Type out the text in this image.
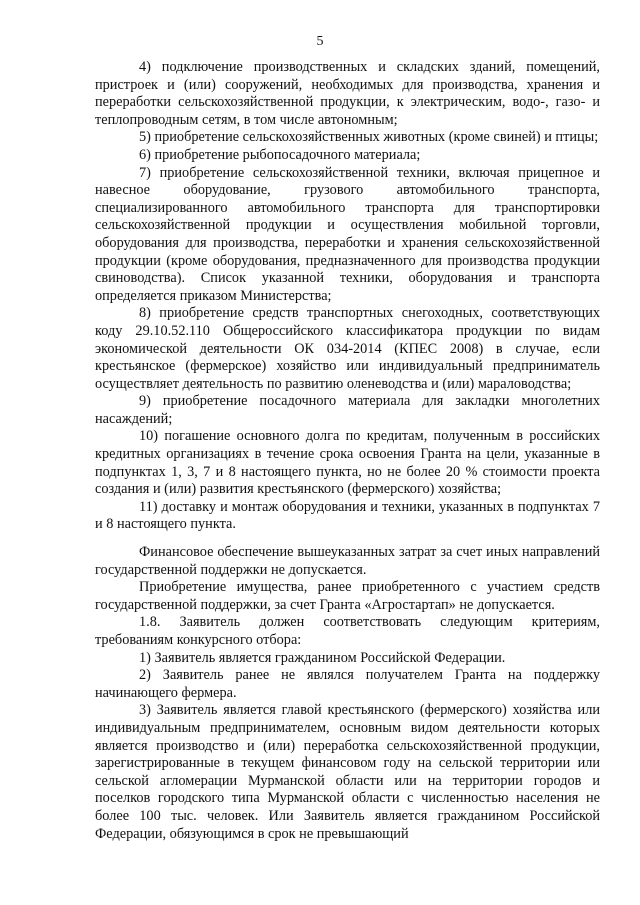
5

4) подключение производственных и складских зданий, помещений, пристроек и (или) сооружений, необходимых для производства, хранения и переработки сельскохозяйственной продукции, к электрическим, водо-, газо- и теплопроводным сетям, в том числе автономным;

5) приобретение сельскохозяйственных животных (кроме свиней) и птицы;

6) приобретение рыбопосадочного материала;

7) приобретение сельскохозяйственной техники, включая прицепное и навесное оборудование, грузового автомобильного транспорта, специализированного автомобильного транспорта для транспортировки сельскохозяйственной продукции и осуществления мобильной торговли, оборудования для производства, переработки и хранения сельскохозяйственной продукции (кроме оборудования, предназначенного для производства продукции свиноводства). Список указанной техники, оборудования и транспорта определяется приказом Министерства;

8) приобретение средств транспортных снегоходных, соответствующих коду 29.10.52.110 Общероссийского классификатора продукции по видам экономической деятельности ОК 034-2014 (КПЕС 2008) в случае, если крестьянское (фермерское) хозяйство или индивидуальный предприниматель осуществляет деятельность по развитию оленеводства и (или) мараловодства;

9) приобретение посадочного материала для закладки многолетних насаждений;

10) погашение основного долга по кредитам, полученным в российских кредитных организациях в течение срока освоения Гранта на цели, указанные в подпунктах 1, 3, 7 и 8 настоящего пункта, но не более 20 % стоимости проекта создания и (или) развития крестьянского (фермерского) хозяйства;

11) доставку и монтаж оборудования и техники, указанных в подпунктах 7 и 8 настоящего пункта.

Финансовое обеспечение вышеуказанных затрат за счет иных направлений государственной поддержки не допускается.

Приобретение имущества, ранее приобретенного с участием средств государственной поддержки, за счет Гранта «Агростартап» не допускается.

1.8. Заявитель должен соответствовать следующим критериям, требованиям конкурсного отбора:

1) Заявитель является гражданином Российской Федерации.

2) Заявитель ранее не являлся получателем Гранта на поддержку начинающего фермера.

3) Заявитель является главой крестьянского (фермерского) хозяйства или индивидуальным предпринимателем, основным видом деятельности которых является производство и (или) переработка сельскохозяйственной продукции, зарегистрированные в текущем финансовом году на сельской территории или сельской агломерации Мурманской области или на территории городов и поселков городского типа Мурманской области с численностью населения не более 100 тыс. человек. Или Заявитель является гражданином Российской Федерации, обязующимся в срок не превышающий
